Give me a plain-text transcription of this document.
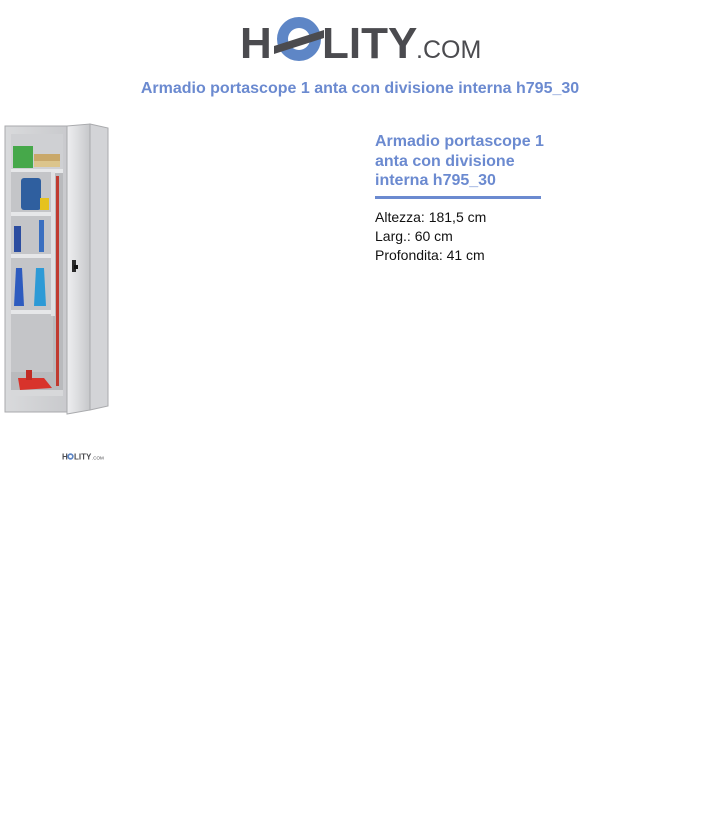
H LITY
.COM
Armadio portascope 1 anta con divisione interna h795_30
H LITY .COM
Armadio portascope 1 anta con divisione interna h795_30
Altezza: 181,5 cm
Larg.: 60 cm
Profondita: 41 cm
